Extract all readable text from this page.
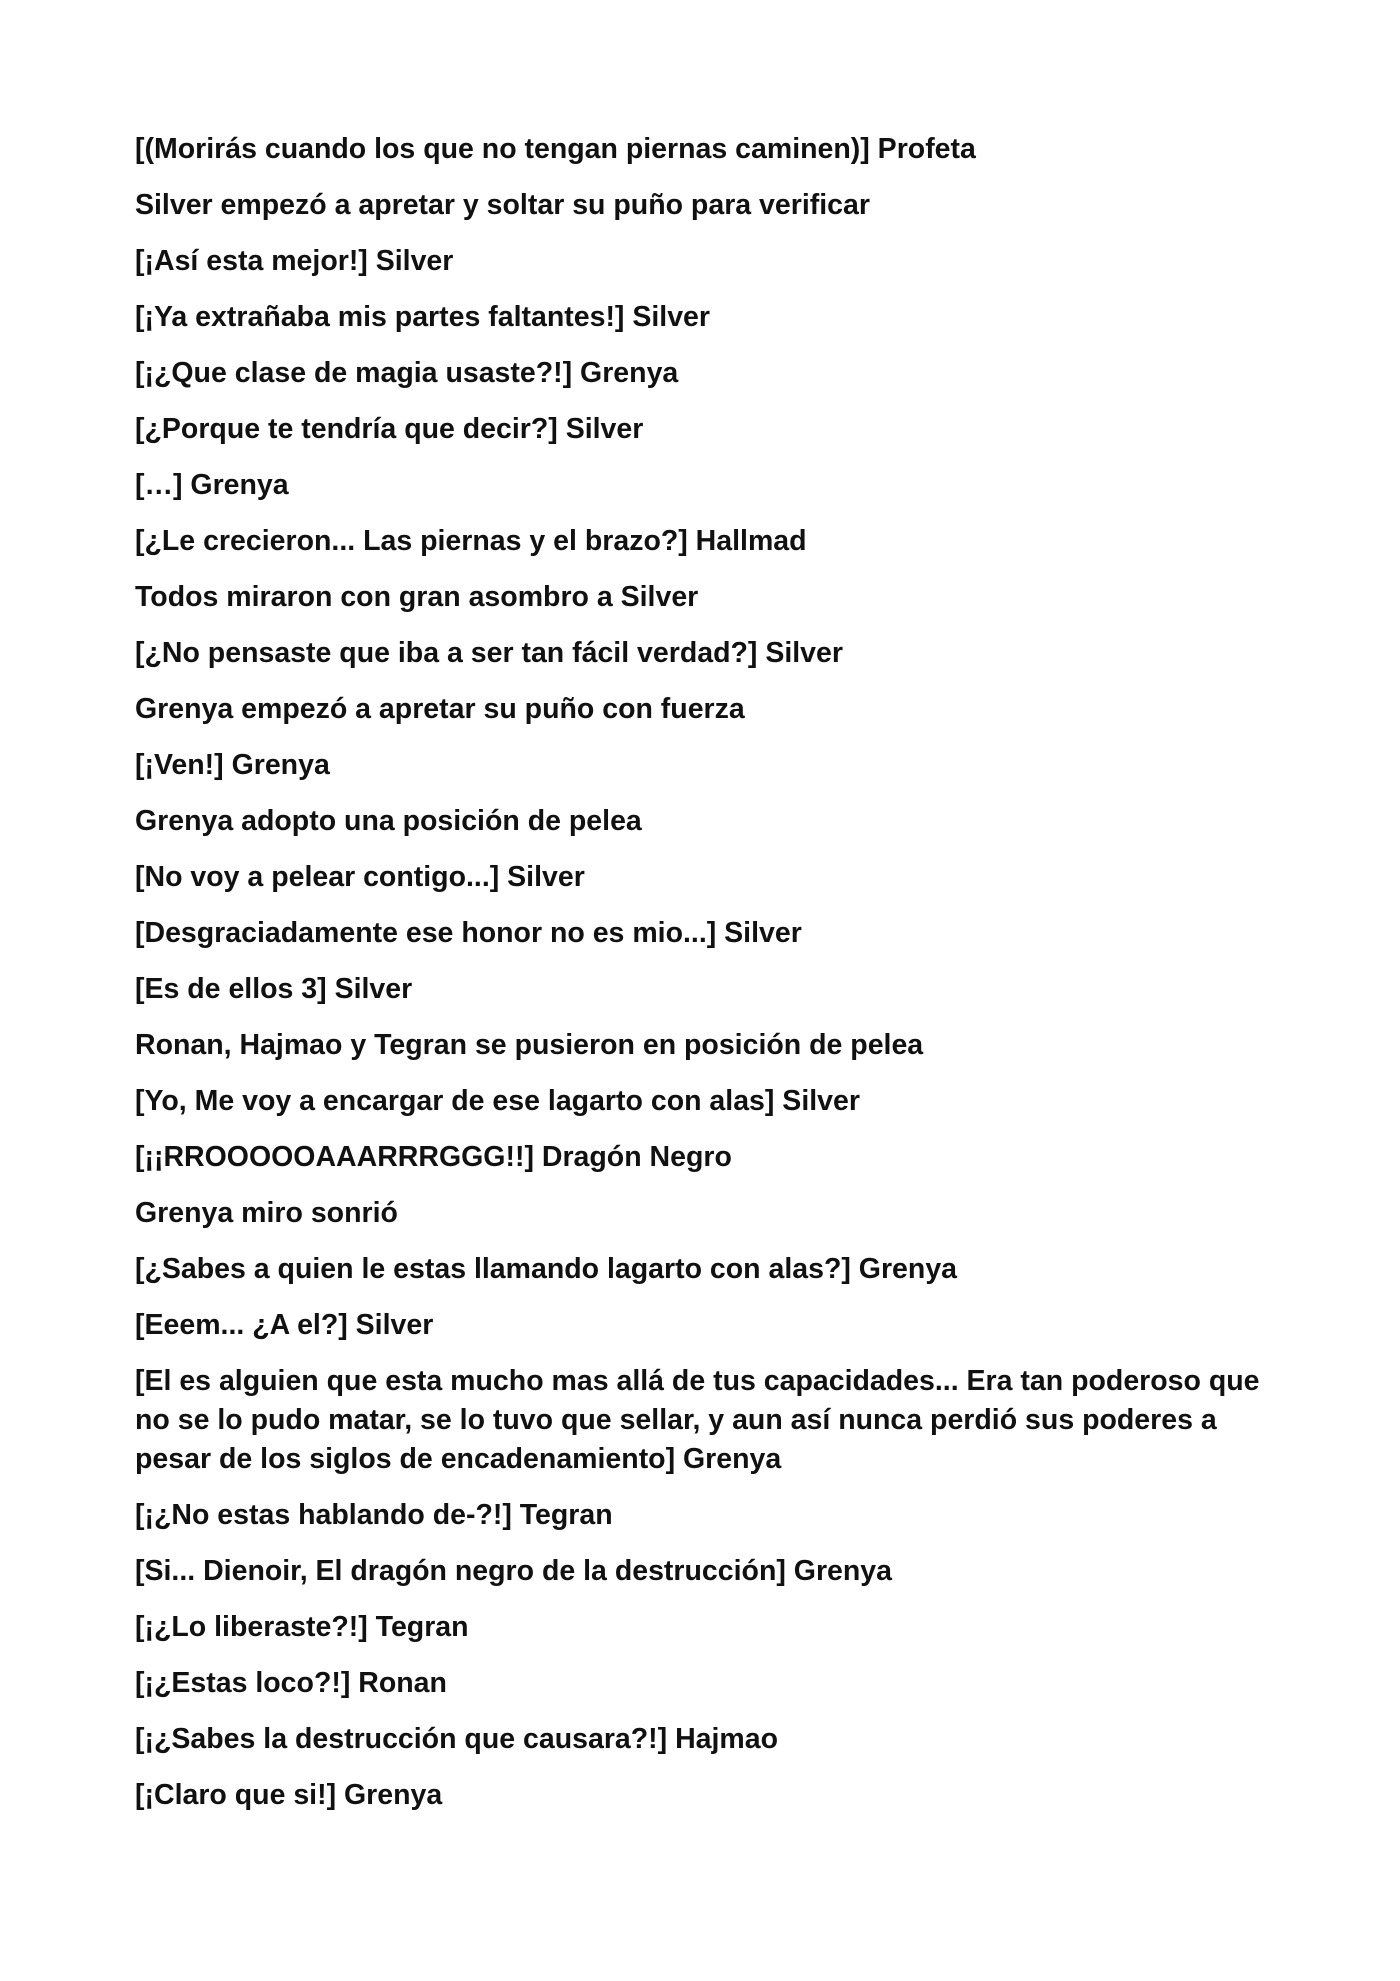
[(Morirás cuando los que no tengan piernas caminen)] Profeta

Silver empezó a apretar y soltar su puño para verificar

[¡Así esta mejor!] Silver

[¡Ya extrañaba mis partes faltantes!] Silver

[¡¿Que clase de magia usaste?!] Grenya

[¿Porque te tendría que decir?] Silver

[…] Grenya

[¿Le crecieron... Las piernas y el brazo?] Hallmad

Todos miraron con gran asombro a Silver

[¿No pensaste que iba a ser tan fácil verdad?] Silver

Grenya empezó a apretar su puño con fuerza

[¡Ven!] Grenya

Grenya adopto una posición de pelea

[No voy a pelear contigo...] Silver

[Desgraciadamente ese honor no es mio...] Silver

[Es de ellos 3] Silver

Ronan, Hajmao y Tegran se pusieron en posición de pelea

[Yo, Me voy a encargar de ese lagarto con alas] Silver

[¡¡RROOOOOAAARRRGGG!!] Dragón Negro

Grenya miro sonrió

[¿Sabes a quien le estas llamando lagarto con alas?] Grenya

[Eeem... ¿A el?] Silver

[El es alguien que esta mucho mas allá de tus capacidades... Era tan poderoso que no se lo pudo matar, se lo tuvo que sellar, y aun así nunca perdió sus poderes a pesar de los siglos de encadenamiento] Grenya

[¡¿No estas hablando de-?!] Tegran

[Si... Dienoir, El dragón negro de la destrucción] Grenya

[¡¿Lo liberaste?!] Tegran

[¡¿Estas loco?!] Ronan

[¡¿Sabes la destrucción que causara?!] Hajmao

[¡Claro que si!] Grenya
